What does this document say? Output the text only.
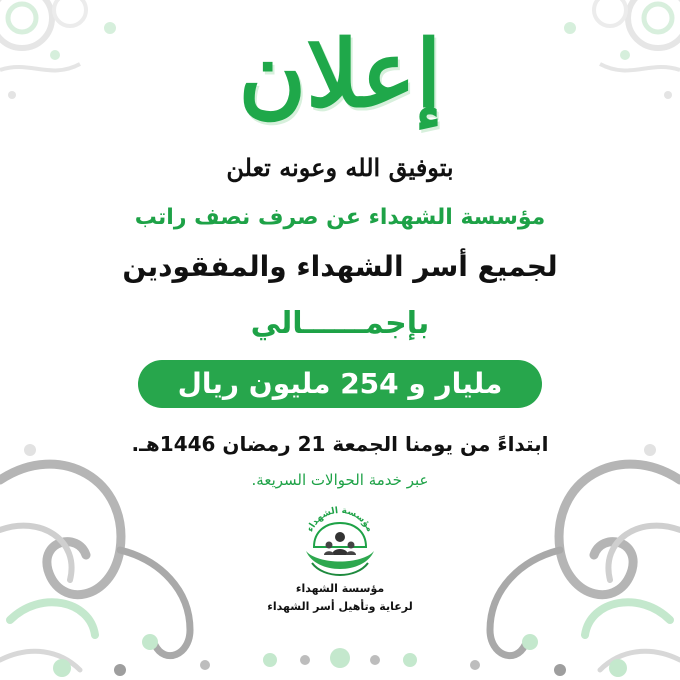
إعلان
بتوفيق الله وعونه تعلن
مؤسسة الشهداء عن صرف نصف راتب
لجميع أسر الشهداء والمفقودين
بإجمــــــالي
مليار و 254 مليون ريال
ابتداءً من يومنا الجمعة 21 رمضان 1446هـ.
عبر خدمة الحوالات السريعة.
مؤسسة الشهداء
مؤسسة الشهداء
لرعاية وتأهيل أسر الشهداء
